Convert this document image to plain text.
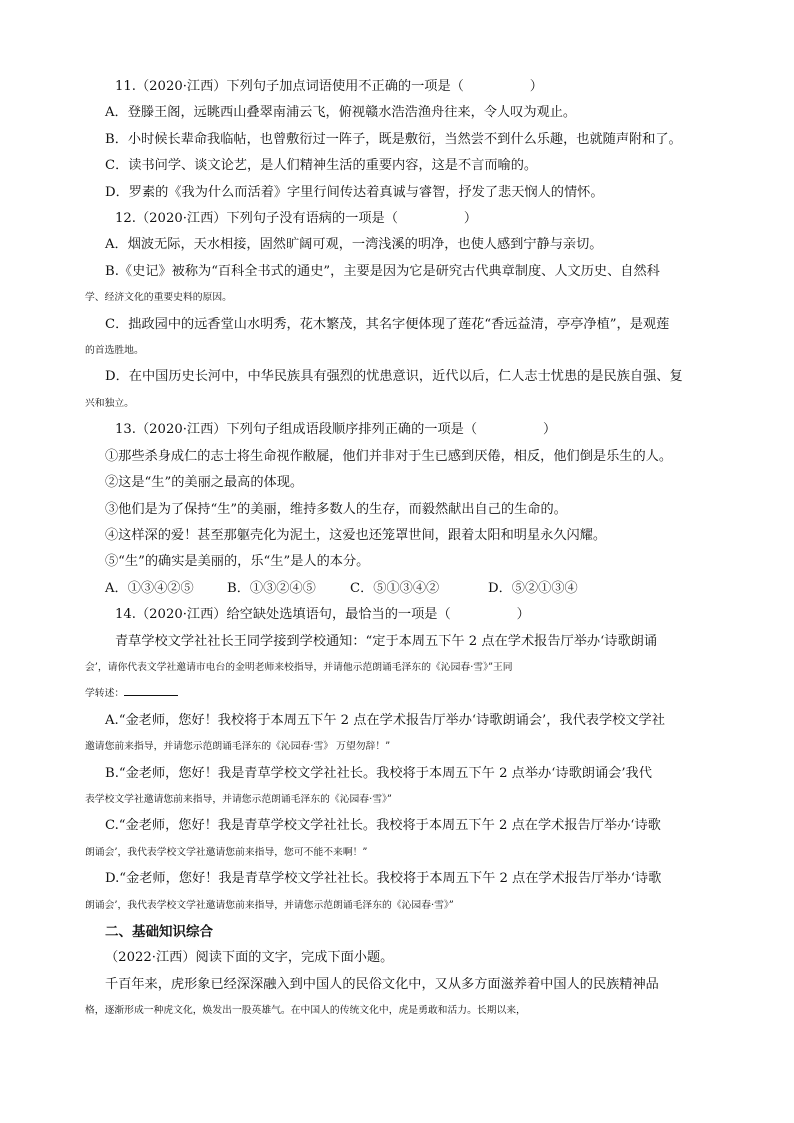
11.（2020·江西）下列句子加点词语使用不正确的一项是（　　　　　）
A．登滕王阁，远眺西山叠翠南浦云飞，俯视赣水浩浩渔舟往来，令人叹为观止。
B．小时候长辈命我临帖，也曾敷衍过一阵子，既是敷衍，当然尝不到什么乐趣，也就随声附和了。
C．读书问学、谈文论艺，是人们精神生活的重要内容，这是不言而喻的。
D．罗素的《我为什么而活着》字里行间传达着真诚与睿智，抒发了悲天悯人的情怀。
12.（2020·江西）下列句子没有语病的一项是（　　　　　）
A．烟波无际，天水相接，固然旷阔可观，一湾浅溪的明净，也使人感到宁静与亲切。
B.《史记》被称为“百科全书式的通史”，主要是因为它是研究古代典章制度、人文历史、自然科
学、经济文化的重要史料的原因。
C．拙政园中的远香堂山水明秀，花木繁茂，其名字便体现了莲花“香远益清，亭亭净植”，是观莲
的首选胜地。
D．在中国历史长河中，中华民族具有强烈的忧患意识，近代以后，仁人志士忧患的是民族自强、复
兴和独立。
13.（2020·江西）下列句子组成语段顺序排列正确的一项是（　　　　　）
①那些杀身成仁的志士将生命视作敝屣，他们并非对于生已感到厌倦，相反，他们倒是乐生的人。
②这是“生”的美丽之最高的体现。
③他们是为了保持“生”的美丽，维持多数人的生存，而毅然献出自己的生命的。
④这样深的爱！甚至那躯壳化为泥土，这爱也还笼罩世间，跟着太阳和明星永久闪耀。
⑤“生”的确实是美丽的，乐“生”是人的本分。
A．①③④②⑤	B．①③②④⑤	C．⑤①③④②	D．⑤②①③④
14.（2020·江西）给空缺处选填语句，最恰当的一项是（　　　　　）
青草学校文学社社长王同学接到学校通知：“定于本周五下午 2 点在学术报告厅举办‘诗歌朗诵
会’，请你代表文学社邀请市电台的金明老师来校指导，并请他示范朗诵毛泽东的《沁园春·雪》”王同
学转述：
A.“金老师，您好！我校将于本周五下午 2 点在学术报告厅举办‘诗歌朗诵会’，我代表学校文学社
邀请您前来指导，并请您示范朗诵毛泽东的《沁园春·雪》 万望勿辞！”
B.“金老师，您好！我是青草学校文学社社长。我校将于本周五下午 2 点举办‘诗歌朗诵会’我代
表学校文学社邀请您前来指导，并请您示范朗诵毛泽东的《沁园春·雪》”
C.“金老师，您好！我是青草学校文学社社长。我校将于本周五下午 2 点在学术报告厅举办‘诗歌
朗诵会’，我代表学校文学社邀请您前来指导，您可不能不来啊！”
D.“金老师，您好！我是青草学校文学社社长。我校将于本周五下午 2 点在学术报告厅举办‘诗歌
朗诵会’，我代表学校文学社邀请您前来指导，并请您示范朗诵毛泽东的《沁园春·雪》”
二、基础知识综合
（2022·江西）阅读下面的文字，完成下面小题。
千百年来，虎形象已经深深融入到中国人的民俗文化中，又从多方面滋养着中国人的民族精神品
格，逐渐形成一种虎文化，焕发出一股英雄气。在中国人的传统文化中，虎是勇敢和活力。长期以来，
